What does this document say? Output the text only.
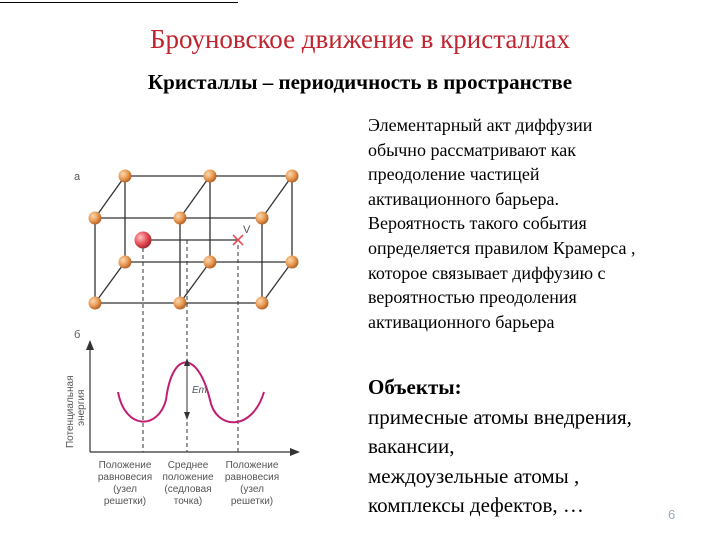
Броуновское движение в кристаллах
Кристаллы – периодичность в пространстве
Элементарный акт диффузии
обычно рассматривают как
преодоление частицей
активационного барьера.
Вероятность такого события
определяется правилом Крамерса ,
которое связывает диффузию с
вероятностью преодоления
активационного барьера
Объекты:
примесные атомы внедрения,
вакансии,
междоузельные атомы ,
комплексы дефектов, …	6
а
V
б
Потенциальная энергия	Em
Положение
равновесия
(узел
решетки)
Среднее
положение
(седловая
точка)
Положение
равновесия
(узел
решетки)
